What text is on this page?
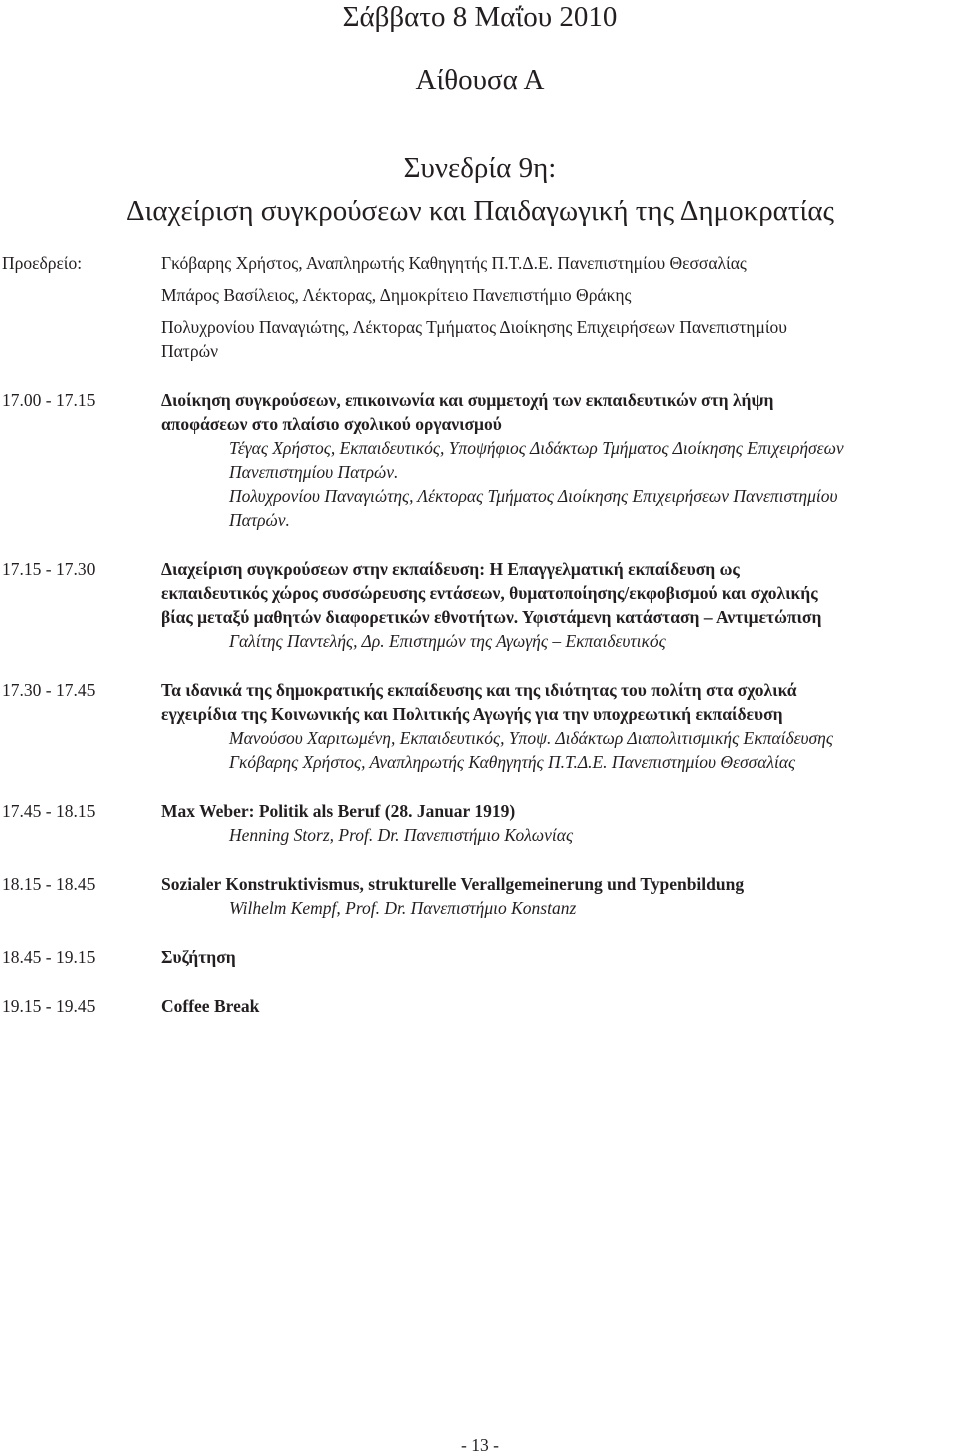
Σάββατο 8 Μαΐου 2010
Αίθουσα Α
Συνεδρία 9η:
Διαχείριση συγκρούσεων και Παιδαγωγική της Δημοκρατίας
Προεδρείο:	Γκόβαρης Χρήστος, Αναπληρωτής Καθηγητής Π.Τ.Δ.Ε. Πανεπιστημίου Θεσσαλίας
Μπάρος Βασίλειος, Λέκτορας, Δημοκρίτειο Πανεπιστήμιο Θράκης
Πολυχρονίου Παναγιώτης, Λέκτορας Τμήματος Διοίκησης Επιχειρήσεων Πανεπιστημίου
Πατρών
17.00 - 17.15	Διοίκηση συγκρούσεων, επικοινωνία και συμμετοχή των εκπαιδευτικών στη λήψη
αποφάσεων στο πλαίσιο σχολικού οργανισμού
Τέγας Χρήστος, Εκπαιδευτικός, Υποψήφιος Διδάκτωρ Τμήματος Διοίκησης Επιχειρήσεων
Πανεπιστημίου Πατρών.
Πολυχρονίου Παναγιώτης, Λέκτορας Τμήματος Διοίκησης Επιχειρήσεων Πανεπιστημίου
Πατρών.
17.15 - 17.30	Διαχείριση συγκρούσεων στην εκπαίδευση: Η Επαγγελματική εκπαίδευση ως
εκπαιδευτικός χώρος συσσώρευσης εντάσεων, θυματοποίησης/εκφοβισμού και σχολικής
βίας μεταξύ μαθητών διαφορετικών εθνοτήτων. Υφιστάμενη κατάσταση – Αντιμετώπιση
Γαλίτης Παντελής, Δρ. Επιστημών της Αγωγής – Εκπαιδευτικός
17.30 - 17.45	Τα ιδανικά της δημοκρατικής εκπαίδευσης και της ιδιότητας του πολίτη στα σχολικά
εγχειρίδια της Κοινωνικής και Πολιτικής Αγωγής για την υποχρεωτική εκπαίδευση
Μανούσου Χαριτωμένη, Εκπαιδευτικός, Υποψ. Διδάκτωρ Διαπολιτισμικής Εκπαίδευσης
Γκόβαρης Χρήστος, Αναπληρωτής Καθηγητής Π.Τ.Δ.Ε. Πανεπιστημίου Θεσσαλίας
17.45 - 18.15	Max Weber: Politik als Beruf (28. Januar 1919)
Henning Storz, Prof. Dr. Πανεπιστήμιο Κολωνίας
18.15 - 18.45	Sozialer Konstruktivismus, strukturelle Verallgemeinerung und Typenbildung
Wilhelm Kempf, Prof. Dr. Πανεπιστήμιο Konstanz
18.45 - 19.15	Συζήτηση
19.15 - 19.45	Coffee Break
- 13 -
